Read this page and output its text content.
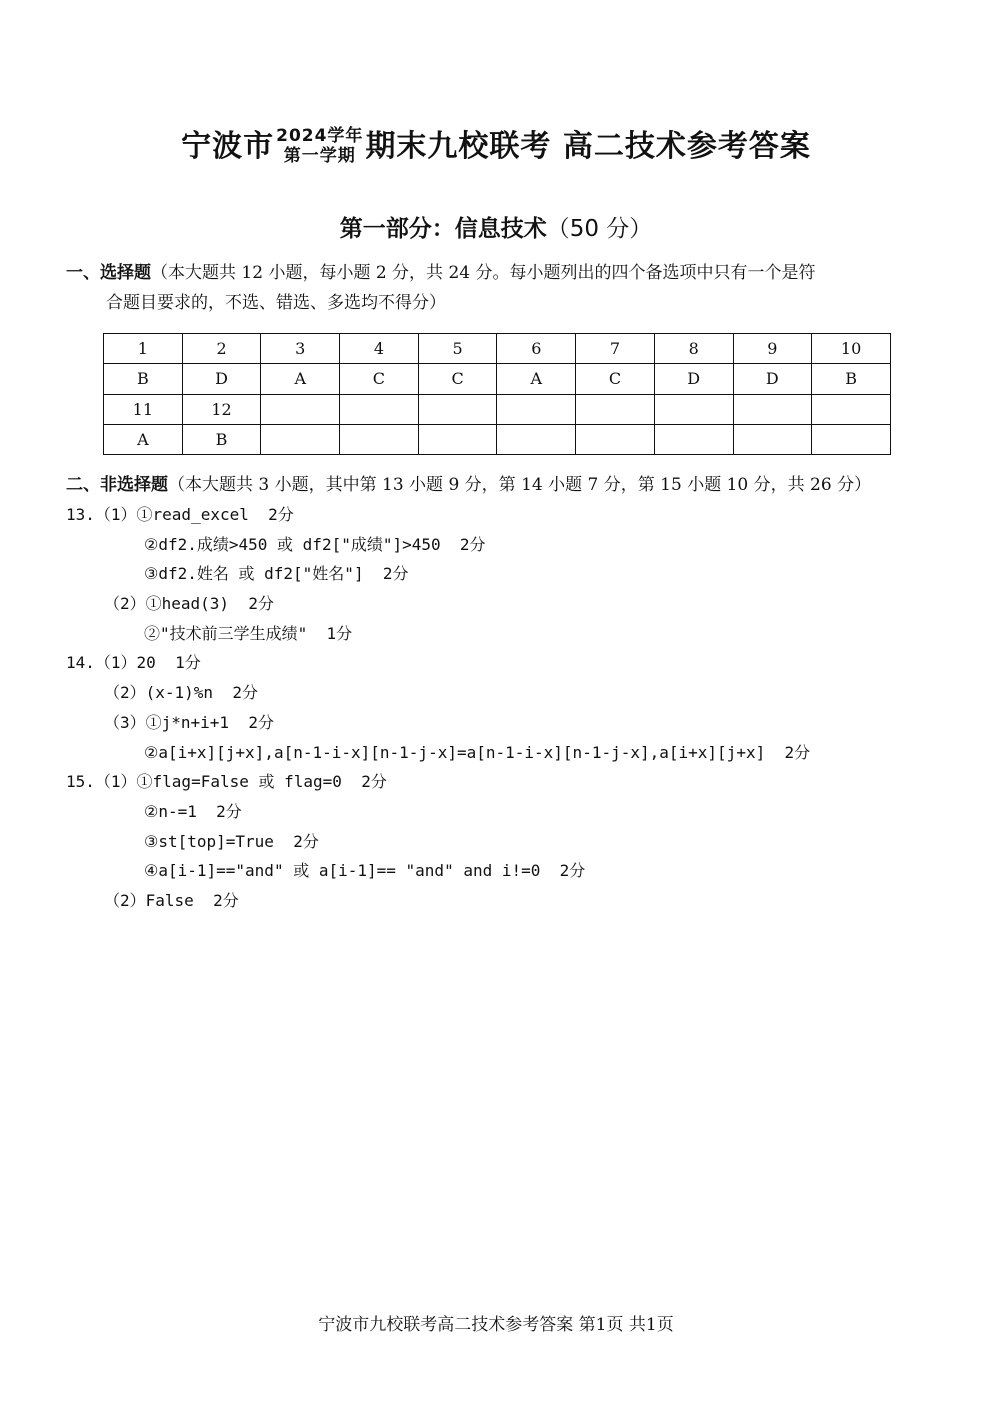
宁波市 2024学年
第一学期 期末九校联考 高二技术参考答案
第一部分：信息技术（50 分）
一、选择题（本大题共 12 小题，每小题 2 分，共 24 分。每小题列出的四个备选项中只有一个是符
合题目要求的，不选、错选、多选均不得分）
1	2	3	4	5	6	7	8	9	10
B	D	A	C	C	A	C	D	D	B
11	12								
A	B								
二、非选择题（本大题共 3 小题，其中第 13 小题 9 分，第 14 小题 7 分，第 15 小题 10 分，共 26 分）
13.（1）①read_excel  2分
②df2.成绩>450 或 df2["成绩"]>450  2分
③df2.姓名 或 df2["姓名"]  2分
（2）①head(3)  2分
②"技术前三学生成绩"  1分
14.（1）20  1分
（2）(x-1)%n  2分
（3）①j*n+i+1  2分
②a[i+x][j+x],a[n-1-i-x][n-1-j-x]=a[n-1-i-x][n-1-j-x],a[i+x][j+x]  2分
15.（1）①flag=False 或 flag=0  2分
②n-=1  2分
③st[top]=True  2分
④a[i-1]=="and" 或 a[i-1]== "and" and i!=0  2分
（2）False  2分
宁波市九校联考高二技术参考答案 第1页 共1页
